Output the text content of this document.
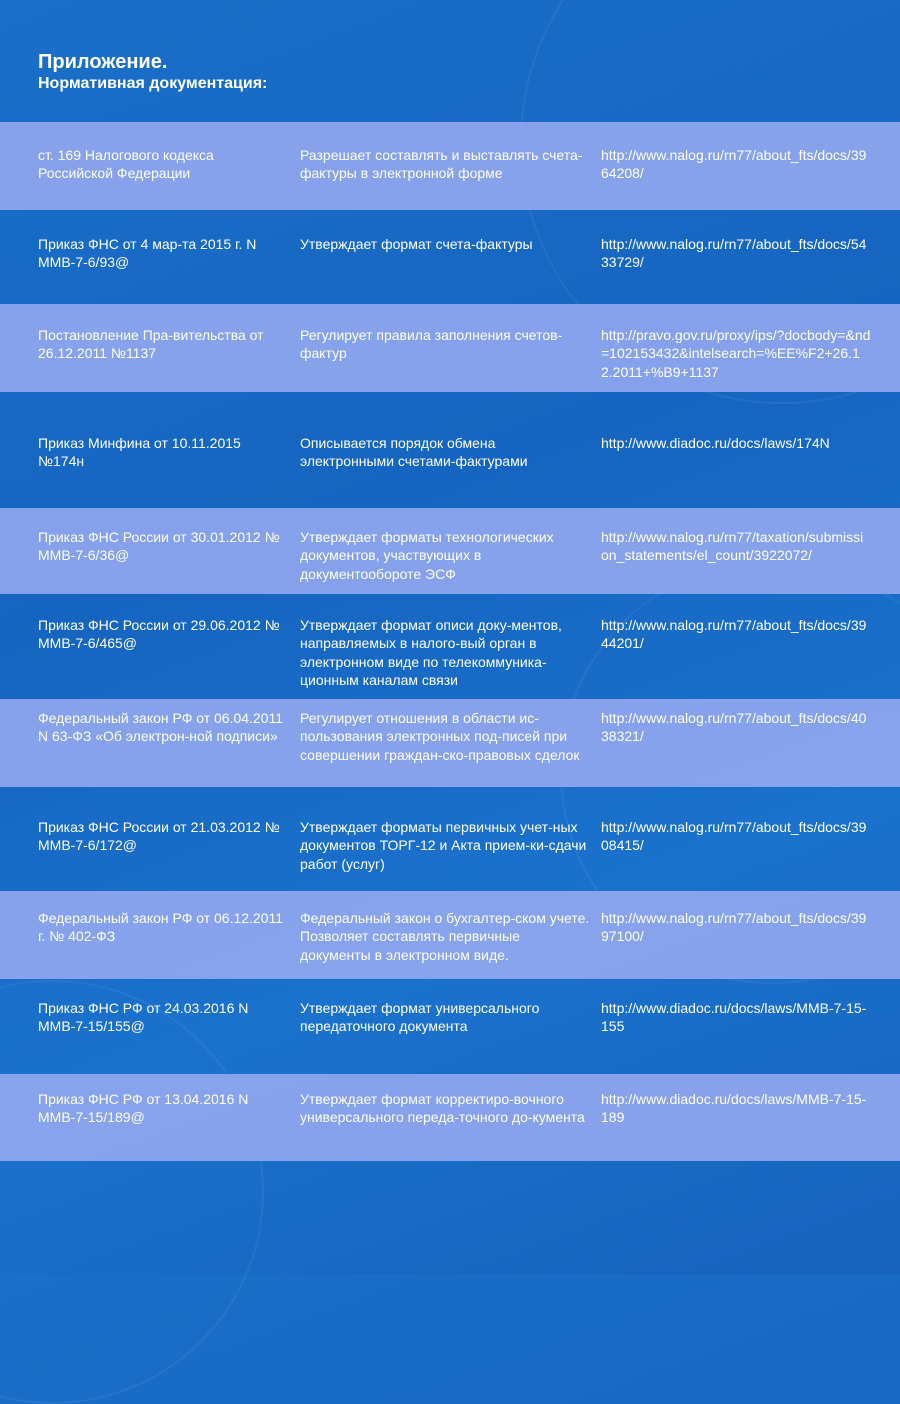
Приложение.
Нормативная документация:
ст. 169 Налогового кодекса Российской Федерации
Разрешает составлять и выставлять счета-фактуры в электронной форме
http://www.nalog.ru/rn77/about_fts/docs/3964208/
Приказ ФНС от 4 мар-та 2015 г. N ММВ-7-6/93@
Утверждает формат счета-фактуры	http://www.nalog.ru/rn77/about_fts/docs/5433729/
Постановление Пра-вительства от 26.12.2011 №1137
Регулирует правила заполнения счетов-фактур
http://pravo.gov.ru/proxy/ips/?docbody=&nd=102153432&intelsearch=%EE%F2+26.12.2011+%B9+1137
Приказ Минфина от 10.11.2015 №174н
Описывается порядок обмена электронными счетами-фактурами
http://www.diadoc.ru/docs/laws/174N
Приказ ФНС России от 30.01.2012 № ММВ-7-6/36@
Утверждает форматы технологических документов, участвующих в документообороте ЭСФ
http://www.nalog.ru/rn77/taxation/submission_statements/el_count/3922072/
Приказ ФНС России от 29.06.2012 № ММВ-7-6/465@
Утверждает формат описи доку-ментов, направляемых в налого-вый орган в электронном виде по телекоммуника-ционным каналам связи
http://www.nalog.ru/rn77/about_fts/docs/3944201/
Федеральный закон РФ от 06.04.2011 N 63-ФЗ «Об электрон-ной подписи»
Регулирует отношения в области ис-пользования электронных под-писей при совершении граждан-ско-правовых сделок
http://www.nalog.ru/rn77/about_fts/docs/4038321/
Приказ ФНС России от 21.03.2012 № ММВ-7-6/172@
Утверждает форматы первичных учет-ных документов ТОРГ-12 и Акта прием-ки-сдачи работ (услуг)
http://www.nalog.ru/rn77/about_fts/docs/3908415/
Федеральный закон РФ от 06.12.2011 г. № 402-ФЗ
Федеральный закон о бухгалтер-ском учете. Позволяет составлять первичные документы в электронном виде.
http://www.nalog.ru/rn77/about_fts/docs/3997100/
Приказ ФНС РФ от 24.03.2016 N ММВ-7-15/155@
Утверждает формат универсального передаточного документа
http://www.diadoc.ru/docs/laws/ММВ-7-15-155
Приказ ФНС РФ от 13.04.2016 N ММВ-7-15/189@
Утверждает формат корректиро-вочного универсального переда-точного до-кумента
http://www.diadoc.ru/docs/laws/ММВ-7-15-189
